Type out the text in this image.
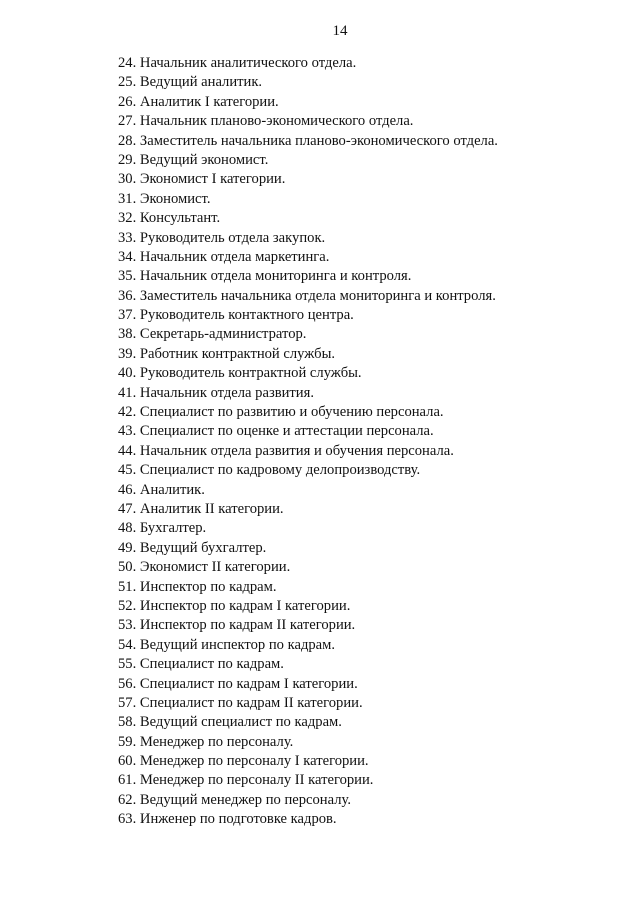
14
24. Начальник аналитического отдела.
25. Ведущий аналитик.
26. Аналитик I категории.
27. Начальник планово-экономического отдела.
28. Заместитель начальника планово-экономического отдела.
29. Ведущий экономист.
30. Экономист I категории.
31. Экономист.
32. Консультант.
33. Руководитель отдела закупок.
34. Начальник отдела маркетинга.
35. Начальник отдела мониторинга и контроля.
36. Заместитель начальника отдела мониторинга и контроля.
37. Руководитель контактного центра.
38. Секретарь-администратор.
39. Работник контрактной службы.
40. Руководитель контрактной службы.
41. Начальник отдела развития.
42. Специалист по развитию и обучению персонала.
43. Специалист по оценке и аттестации персонала.
44. Начальник отдела развития и обучения персонала.
45. Специалист по кадровому делопроизводству.
46. Аналитик.
47. Аналитик II категории.
48. Бухгалтер.
49. Ведущий бухгалтер.
50. Экономист II категории.
51. Инспектор по кадрам.
52. Инспектор по кадрам I категории.
53. Инспектор по кадрам II категории.
54. Ведущий инспектор по кадрам.
55. Специалист по кадрам.
56. Специалист по кадрам I категории.
57. Специалист по кадрам II категории.
58. Ведущий специалист по кадрам.
59. Менеджер по персоналу.
60. Менеджер по персоналу I категории.
61. Менеджер по персоналу II категории.
62. Ведущий менеджер по персоналу.
63. Инженер по подготовке кадров.
